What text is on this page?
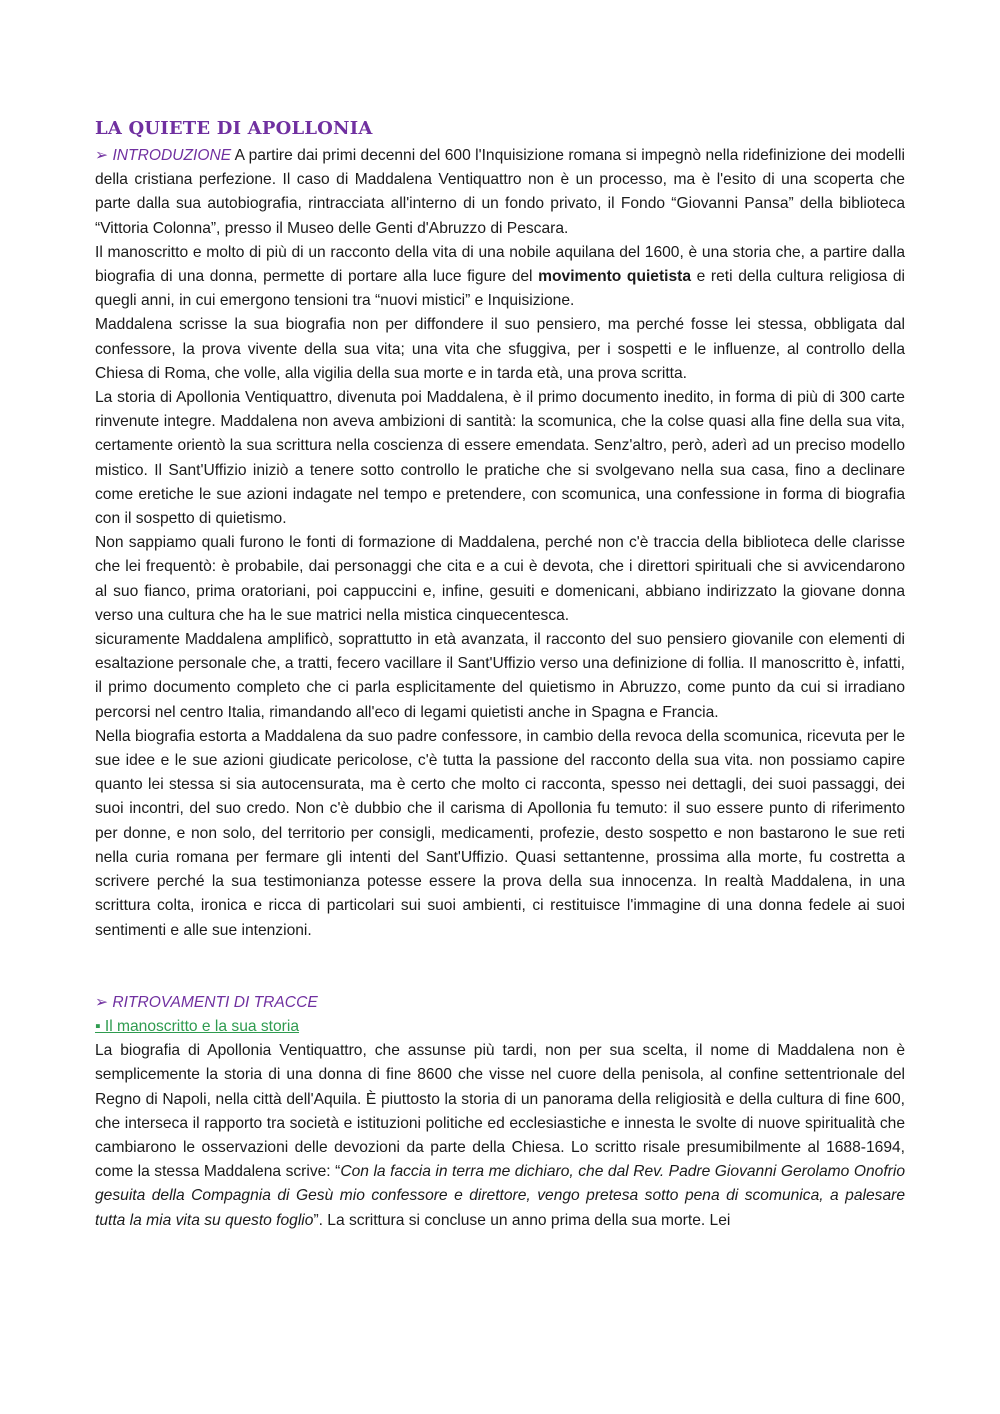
LA QUIETE DI APOLLONIA

➢ INTRODUZIONE A partire dai primi decenni del 600 l'Inquisizione romana si impegnò nella ridefinizione dei modelli della cristiana perfezione. Il caso di Maddalena Ventiquattro non è un processo, ma è l'esito di una scoperta che parte dalla sua autobiografia, rintracciata all'interno di un fondo privato, il Fondo “Giovanni Pansa” della biblioteca “Vittoria Colonna”, presso il Museo delle Genti d'Abruzzo di Pescara.

Il manoscritto e molto di più di un racconto della vita di una nobile aquilana del 1600, è una storia che, a partire dalla biografia di una donna, permette di portare alla luce figure del movimento quietista e reti della cultura religiosa di quegli anni, in cui emergono tensioni tra “nuovi mistici” e Inquisizione.

Maddalena scrisse la sua biografia non per diffondere il suo pensiero, ma perché fosse lei stessa, obbligata dal confessore, la prova vivente della sua vita; una vita che sfuggiva, per i sospetti e le influenze, al controllo della Chiesa di Roma, che volle, alla vigilia della sua morte e in tarda età, una prova scritta.

La storia di Apollonia Ventiquattro, divenuta poi Maddalena, è il primo documento inedito, in forma di più di 300 carte rinvenute integre. Maddalena non aveva ambizioni di santità: la scomunica, che la colse quasi alla fine della sua vita, certamente orientò la sua scrittura nella coscienza di essere emendata. Senz'altro, però, aderì ad un preciso modello mistico. Il Sant'Uffizio iniziò a tenere sotto controllo le pratiche che si svolgevano nella sua casa, fino a declinare come eretiche le sue azioni indagate nel tempo e pretendere, con scomunica, una confessione in forma di biografia con il sospetto di quietismo.

Non sappiamo quali furono le fonti di formazione di Maddalena, perché non c'è traccia della biblioteca delle clarisse che lei frequentò: è probabile, dai personaggi che cita e a cui è devota, che i direttori spirituali che si avvicendarono al suo fianco, prima oratoriani, poi cappuccini e, infine, gesuiti e domenicani, abbiano indirizzato la giovane donna verso una cultura che ha le sue matrici nella mistica cinquecentesca.

sicuramente Maddalena amplificò, soprattutto in età avanzata, il racconto del suo pensiero giovanile con elementi di esaltazione personale che, a tratti, fecero vacillare il Sant'Uffizio verso una definizione di follia. Il manoscritto è, infatti, il primo documento completo che ci parla esplicitamente del quietismo in Abruzzo, come punto da cui si irradiano percorsi nel centro Italia, rimandando all'eco di legami quietisti anche in Spagna e Francia.

Nella biografia estorta a Maddalena da suo padre confessore, in cambio della revoca della scomunica, ricevuta per le sue idee e le sue azioni giudicate pericolose, c'è tutta la passione del racconto della sua vita. non possiamo capire quanto lei stessa si sia autocensurata, ma è certo che molto ci racconta, spesso nei dettagli, dei suoi passaggi, dei suoi incontri, del suo credo. Non c'è dubbio che il carisma di Apollonia fu temuto: il suo essere punto di riferimento per donne, e non solo, del territorio per consigli, medicamenti, profezie, desto sospetto e non bastarono le sue reti nella curia romana per fermare gli intenti del Sant'Uffizio. Quasi settantenne, prossima alla morte, fu costretta a scrivere perché la sua testimonianza potesse essere la prova della sua innocenza. In realtà Maddalena, in una scrittura colta, ironica e ricca di particolari sui suoi ambienti, ci restituisce l'immagine di una donna fedele ai suoi sentimenti e alle sue intenzioni.

➢ RITROVAMENTI DI TRACCE

▪ Il manoscritto e la sua storia

La biografia di Apollonia Ventiquattro, che assunse più tardi, non per sua scelta, il nome di Maddalena non è semplicemente la storia di una donna di fine 8600 che visse nel cuore della penisola, al confine settentrionale del Regno di Napoli, nella città dell'Aquila. È piuttosto la storia di un panorama della religiosità e della cultura di fine 600, che interseca il rapporto tra società e istituzioni politiche ed ecclesiastiche e innesta le svolte di nuove spiritualità che cambiarono le osservazioni delle devozioni da parte della Chiesa. Lo scritto risale presumibilmente al 1688-1694, come la stessa Maddalena scrive: “Con la faccia in terra me dichiaro, che dal Rev. Padre Giovanni Gerolamo Onofrio gesuita della Compagnia di Gesù mio confessore e direttore, vengo pretesa sotto pena di scomunica, a palesare tutta la mia vita su questo foglio”. La scrittura si concluse un anno prima della sua morte. Lei
